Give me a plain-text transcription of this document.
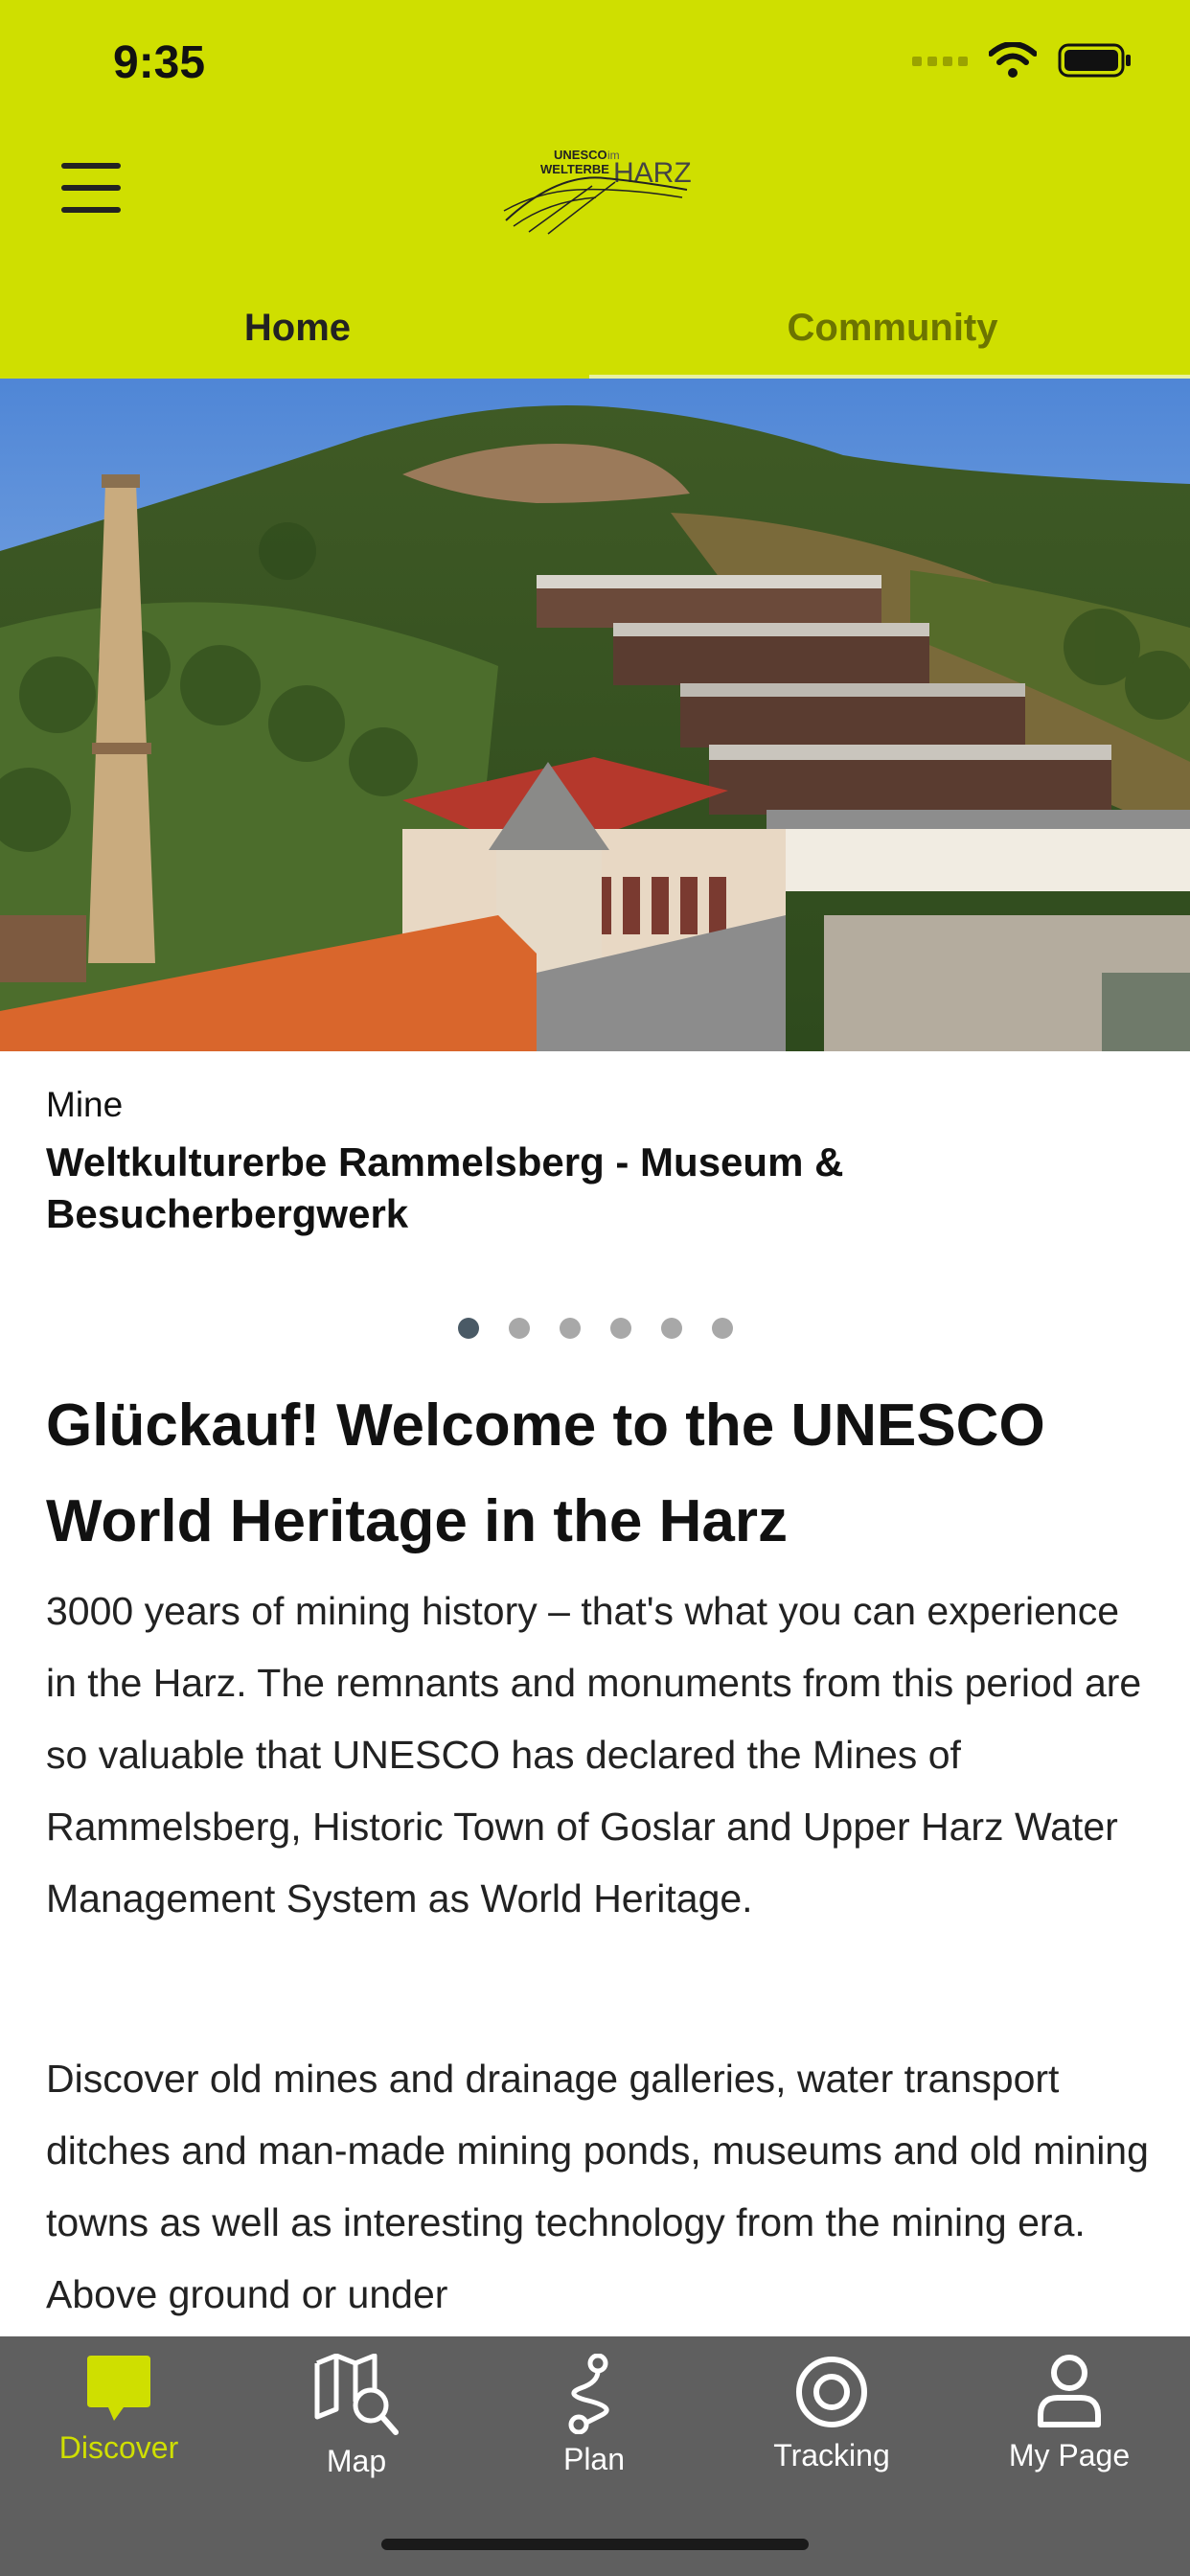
9:35
UNESCO im
WELTERBE HARZ
Home	Community
Mine
Weltkulturerbe Rammelsberg - Museum & Besucherbergwerk
Glückauf! Welcome to the UNESCO World Heritage in the Harz
3000 years of mining history – that's what you can experience in the Harz. The remnants and monuments from this period are so valuable that UNESCO has declared the Mines of Rammelsberg, Historic Town of Goslar and Upper Harz Water Management System as World Heritage.
Discover old mines and drainage galleries, water transport ditches and man-made mining ponds, museums and old mining towns as well as interesting technology from the mining era. Above ground or under
Discover	Map	Plan	Tracking	My Page
